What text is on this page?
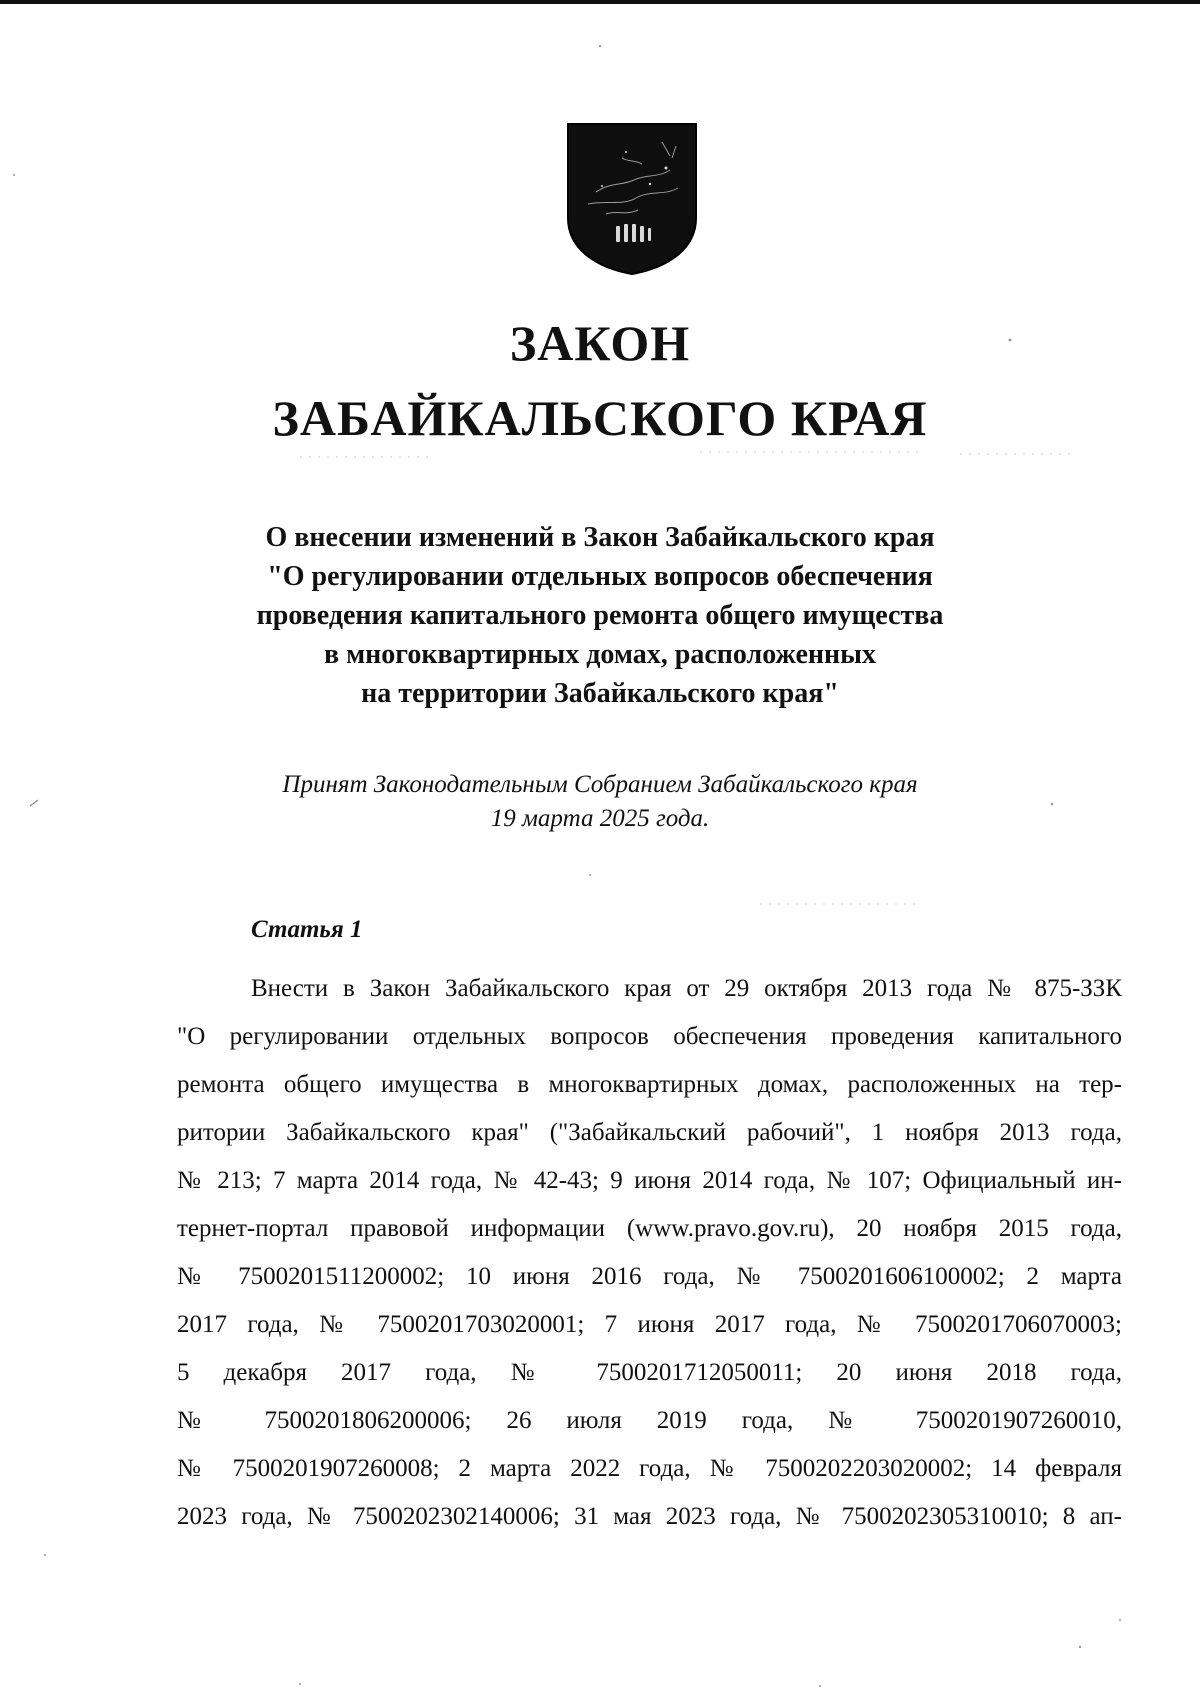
ЗАКОН
ЗАБАЙКАЛЬСКОГО КРАЯ
О внесении изменений в Закон Забайкальского края
"О регулировании отдельных вопросов обеспечения
проведения капитального ремонта общего имущества
в многоквартирных домах, расположенных
на территории Забайкальского края"
Принят Законодательным Собранием Забайкальского края
19 марта 2025 года.
Статья 1
Внести в Закон Забайкальского края от 29 октября 2013 года № 875-ЗЗК
"О регулировании отдельных вопросов обеспечения проведения капитального
ремонта общего имущества в многоквартирных домах, расположенных на тер-
ритории Забайкальского края" ("Забайкальский рабочий", 1 ноября 2013 года,
№ 213; 7 марта 2014 года, № 42-43; 9 июня 2014 года, № 107; Официальный ин-
тернет-портал правовой информации (www.pravo.gov.ru), 20 ноября 2015 года,
№ 7500201511200002; 10 июня 2016 года, № 7500201606100002; 2 марта
2017 года, № 7500201703020001; 7 июня 2017 года, № 7500201706070003;
5 декабря 2017 года, № 7500201712050011; 20 июня 2018 года,
№ 7500201806200006; 26 июля 2019 года, № 7500201907260010,
№ 7500201907260008; 2 марта 2022 года, № 7500202203020002; 14 февраля
2023 года, № 7500202302140006; 31 мая 2023 года, № 7500202305310010; 8 ап-
